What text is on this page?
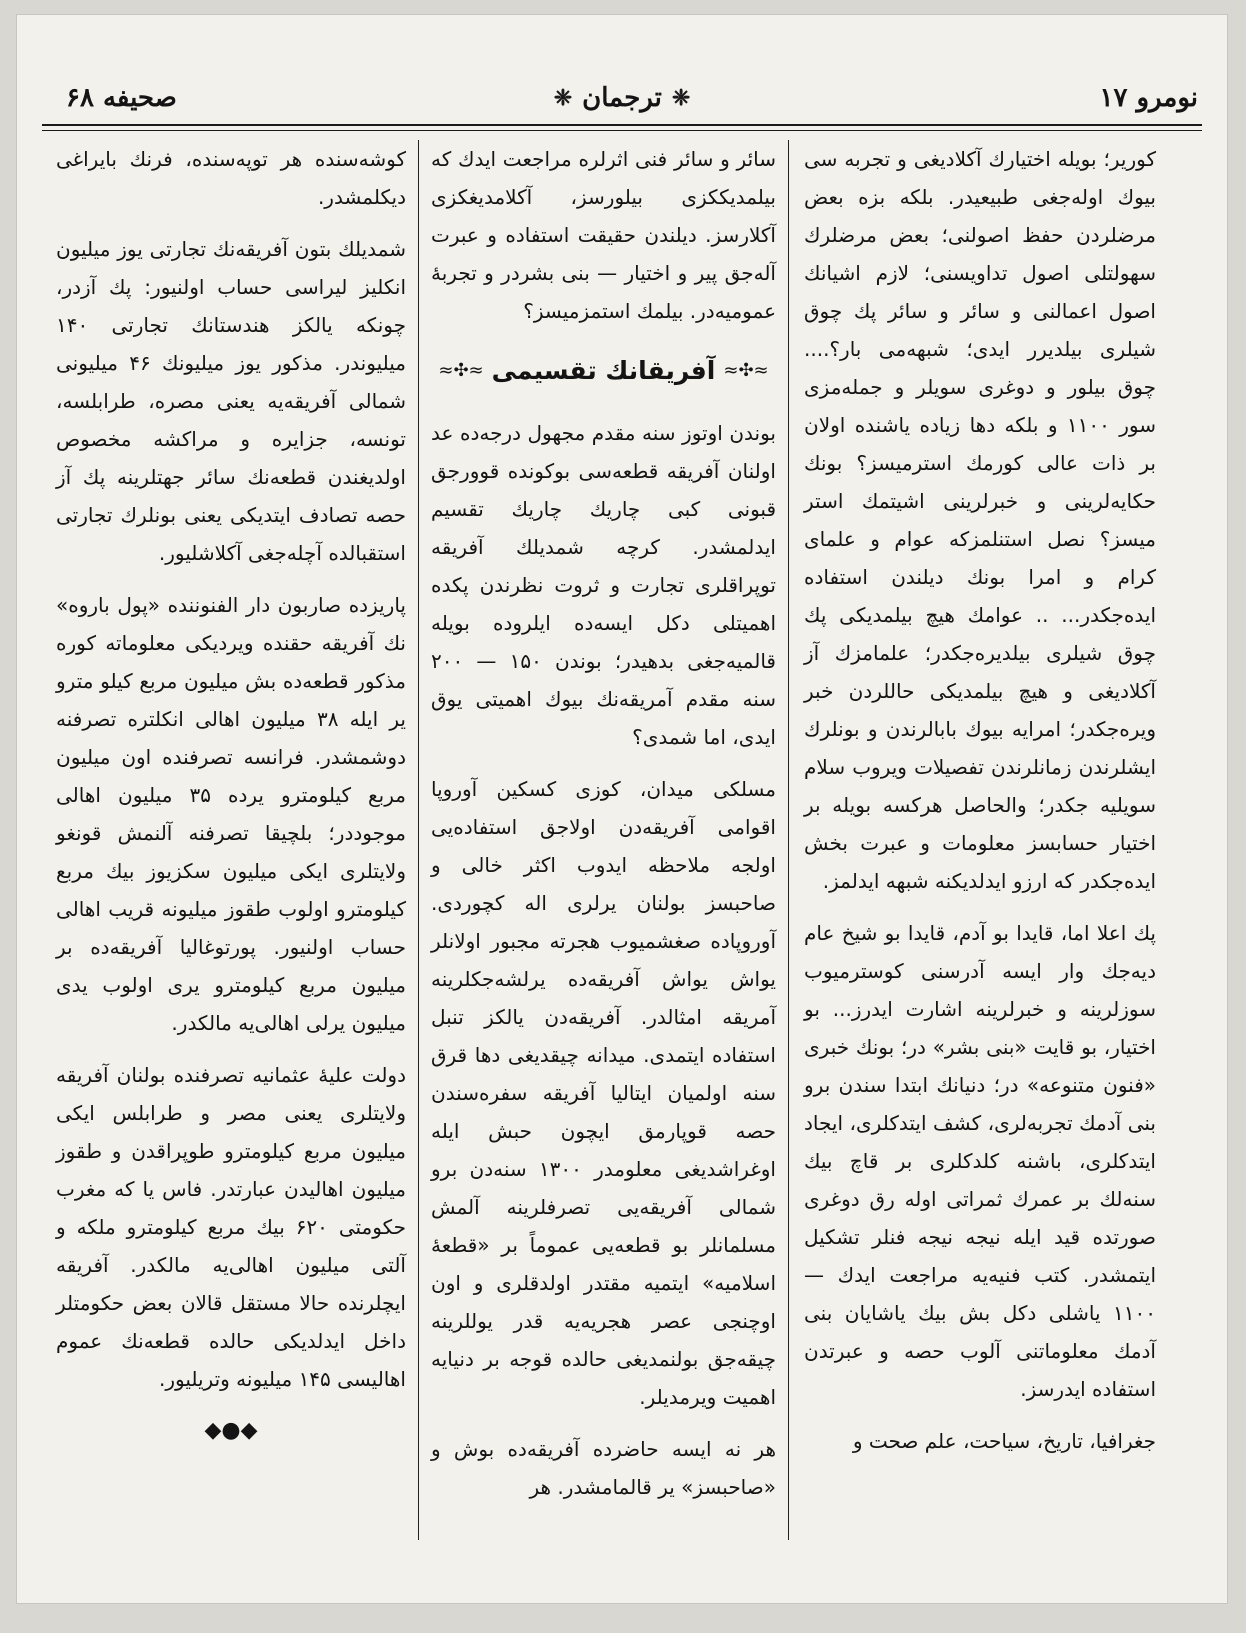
نومرو ۱۷
❈
ترجمان
❈
صحیفه ۶۸

کوریر؛ بویله اختیارك آکلادیغی و تجربه سی بیوك اوله‌جغی طبیعیدر. بلکه بزه بعض مرضلردن حفظ اصولنی؛ بعض مرضلرك سهولتلی اصول تداویسنی؛ لازم اشیانك اصول اعمالنی و سائر و سائر پك چوق شیلری بیلدیرر ایدی؛ شبهه‌می بار؟.... چوق بیلور و دوغری سویلر و جمله‌مزی سور ۱۱۰۰ و بلکه دها زیاده یاشنده اولان بر ذات عالی کورمك استرمیسز؟ بونك حکایه‌لرینی و خبرلرینی اشیتمك استر میسز؟ نصل استنلمزکه عوام و علمای کرام و امرا بونك دیلندن استفاده ایده‌جکدر... .. عوامك هیچ بیلمدیکی پك چوق شیلری بیلدیره‌جکدر؛ علمامزك آز آکلادیغی و هیچ بیلمدیکی حاللردن خبر ویره‌جکدر؛ امرایه بیوك بابالرندن و بونلرك ایشلرندن زمانلرندن تفصیلات ویروب سلام سویلیه جکدر؛ والحاصل هرکسه بویله بر اختیار حسابسز معلومات و عبرت بخش ایده‌جکدر که ارزو ایدلدیکنه شبهه ایدلمز.

پك اعلا اما، قایدا بو آدم، قایدا بو شیخ عام دیه‌جك وار ایسه آدرسنی کوسترمیوب سوزلرینه و خبرلرینه اشارت ایدرز... بو اختیار، بو قایت «بنی بشر» در؛ بونك خبری «فنون متنوعه» در؛ دنیانك ابتدا سندن برو بنی آدمك تجربه‌لری، کشف ایتدکلری، ایجاد ایتدکلری، باشنه کلدکلری بر قاچ بیك سنه‌لك بر عمرك ثمراتی اوله رق دوغری صورتده قید ایله نیجه نیجه فنلر تشکیل ایتمشدر. کتب فنیه‌یه مراجعت ایدك — ۱۱۰۰ یاشلی دکل بش بیك یاشایان بنی آدمك معلوماتنی آلوب حصه و عبرتدن استفاده ایدرسز.

جغرافیا، تاریخ، سیاحت، علم صحت و

سائر و سائر فنی اثرلره مراجعت ایدك که بیلمدیککزی بیلورسز، آکلامدیغکزی آکلارسز. دیلندن حقیقت استفاده و عبرت آله‌جق پیر و اختیار — بنی بشردر و تجربهٔ عمومیه‌در. بیلمك استمزمیسز؟

≈✣≈
آفریقانك تقسیمی
≈✣≈

بوندن اوتوز سنه مقدم مجهول درجه‌ده عد اولنان آفریقه قطعه‌سی بوکونده قوورجق قبونی کبی چاریك چاریك تقسیم ایدلمشدر. کرچه شمدیلك آفریقه توپراقلری تجارت و ثروت نظرندن پکده اهمیتلی دکل ایسه‌ده ایلروده بویله قالمیه‌جغی بدهیدر؛ بوندن ۱۵۰ — ۲۰۰ سنه مقدم آمریقه‌نك بیوك اهمیتی یوق ایدی، اما شمدی؟

مسلکی میدان، کوزی کسکین آوروپا اقوامی آفریقه‌دن اولاجق استفاده‌یی اولجه ملاحظه ایدوب اکثر خالی و صاحبسز بولنان یرلری اله کچوردی. آوروپاده صغشمیوب هجرته مجبور اولانلر یواش یواش آفریقه‌ده یرلشه‌جکلرینه آمریقه امثالدر. آفریقه‌دن یالکز تنبل استفاده ایتمدی. میدانه چیقدیغی دها قرق سنه اولمیان ایتالیا آفریقه سفره‌سندن حصه قوپارمق ایچون حبش ایله اوغراشدیغی معلومدر ۱۳۰۰ سنه‌دن برو شمالی آفریقه‌یی تصرفلرینه آلمش مسلمانلر بو قطعه‌یی عموماً بر «قطعهٔ اسلامیه» ایتمیه مقتدر اولدقلری و اون اوچنجی عصر هجریه‌یه قدر یوللرینه چیقه‌جق بولنمدیغی حالده قوجه بر دنیایه اهمیت ویرمدیلر.

هر نه ایسه حاضرده آفریقه‌ده بوش و «صاحبسز» یر قالمامشدر. هر

کوشه‌سنده هر توپه‌سنده، فرنك بایراغی دیکلمشدر.

شمدیلك بتون آفریقه‌نك تجارتی یوز میلیون انکلیز لیراسی حساب اولنیور: پك آزدر، چونکه یالکز هندستانك تجارتی ۱۴۰ میلیوندر. مذکور یوز میلیونك ۴۶ میلیونی شمالی آفریقه‌یه یعنی مصره، طرابلسه، تونسه، جزایره و مراکشه مخصوص اولدیغندن قطعه‌نك سائر جهتلرینه پك آز حصه تصادف ایتدیکی یعنی بونلرك تجارتی استقبالده آچله‌جغی آکلاشلیور.

پاریزده صاربون دار الفنوننده «پول باروه» نك آفریقه حقنده ویردیکی معلوماته کوره مذکور قطعه‌ده بش میلیون مربع کیلو مترو یر ایله ۳۸ میلیون اهالی انکلتره تصرفنه دوشمشدر. فرانسه تصرفنده اون میلیون مربع کیلومترو یرده ۳۵ میلیون اهالی موجوددر؛ بلچیقا تصرفنه آلنمش قونغو ولایتلری ایکی میلیون سکزیوز بیك مربع کیلومترو اولوب طقوز میلیونه قریب اهالی حساب اولنیور. پورتوغالیا آفریقه‌ده بر میلیون مربع کیلومترو یری اولوب یدی میلیون یرلی اهالی‌یه مالکدر.

دولت علیهٔ عثمانیه تصرفنده بولنان آفریقه ولایتلری یعنی مصر و طرابلس ایکی میلیون مربع کیلومترو طوپراقدن و طقوز میلیون اهالیدن عبارتدر. فاس یا که مغرب حکومتی ۶۲۰ بیك مربع کیلومترو ملکه و آلتی میلیون اهالی‌یه مالکدر. آفریقه ایچلرنده حالا مستقل قالان بعض حکومتلر داخل ایدلدیکی حالده قطعه‌نك عموم اهالیسی ۱۴۵ میلیونه وتریلیور.

◆●◆
